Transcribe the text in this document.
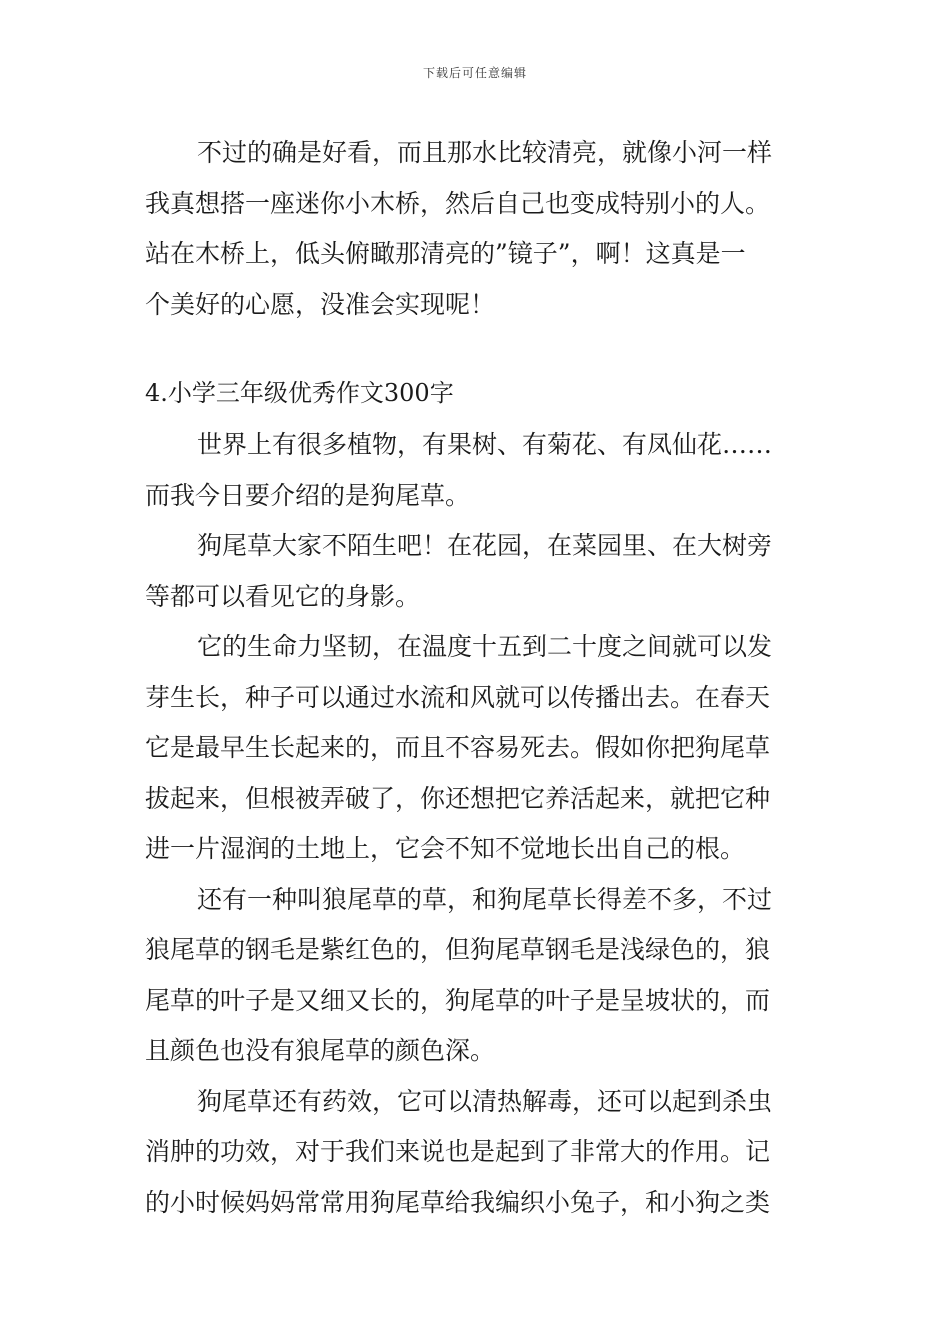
下载后可任意编辑
不过的确是好看，而且那水比较清亮，就像小河一样
我真想搭一座迷你小木桥，然后自己也变成特别小的人。
站在木桥上，低头俯瞰那清亮的”镜子”，啊！这真是一
个美好的心愿，没准会实现呢！
4.小学三年级优秀作文300字
世界上有很多植物，有果树、有菊花、有凤仙花……
而我今日要介绍的是狗尾草。
狗尾草大家不陌生吧！在花园，在菜园里、在大树旁
等都可以看见它的身影。
它的生命力坚韧，在温度十五到二十度之间就可以发
芽生长，种子可以通过水流和风就可以传播出去。在春天
它是最早生长起来的，而且不容易死去。假如你把狗尾草
拔起来，但根被弄破了，你还想把它养活起来，就把它种
进一片湿润的土地上，它会不知不觉地长出自己的根。
还有一种叫狼尾草的草，和狗尾草长得差不多，不过
狼尾草的钢毛是紫红色的，但狗尾草钢毛是浅绿色的，狼
尾草的叶子是又细又长的，狗尾草的叶子是呈坡状的，而
且颜色也没有狼尾草的颜色深。
狗尾草还有药效，它可以清热解毒，还可以起到杀虫
消肿的功效，对于我们来说也是起到了非常大的作用。记
的小时候妈妈常常用狗尾草给我编织小兔子，和小狗之类
